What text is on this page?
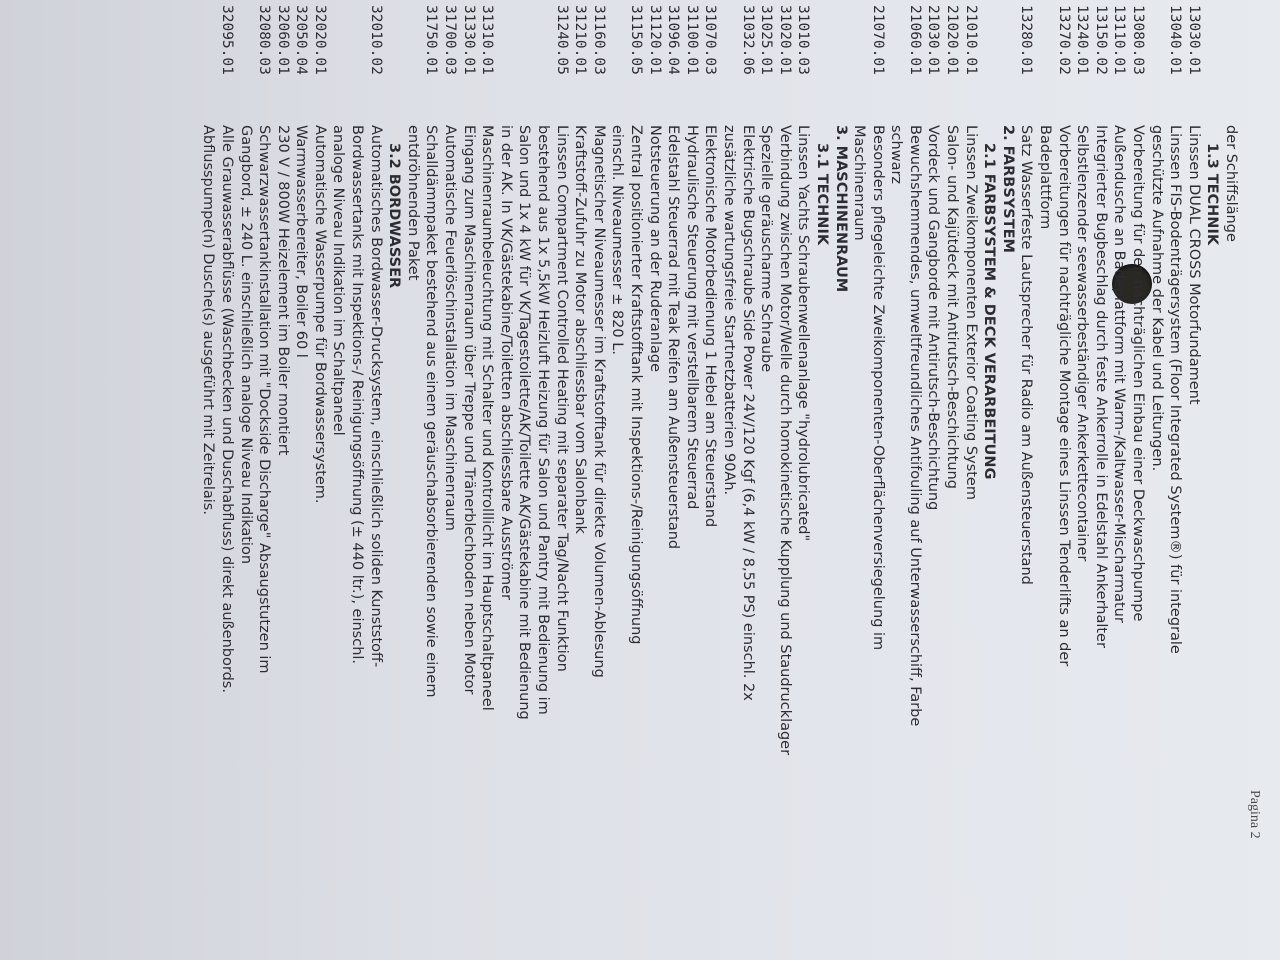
Pagina 2
der Schiffslänge
1.3 TECHNIK
13030.01
Linssen DUAL CROSS Motorfundament
13040.01
Linssen FIS-Bodenträgersystem (Floor Integrated System®) für integrale
geschützte Aufnahme der Kabel und Leitungen.
13080.03
Vorbereitung für den nachträglichen Einbau einer Deckwaschpumpe
13110.01
Außendusche an Badeplattform mit Warm-/Kaltwasser-Mischarmatur
13150.02
Integrierter Bugbeschlag durch feste Ankerrolle in Edelstahl Ankerhalter
13240.01
Selbstlenzender seewasserbeständiger Ankerkettecontainer
13270.02
Vorbereitungen für nachträgliche Montage eines Linssen Tenderlifts an der
Badeplattform
13280.01
Satz Wasserfeste Lautsprecher für Radio am Außensteuerstand
2. FARBSYSTEM
2.1 FARBSYSTEM & DECK VERARBEITUNG
21010.01
Linssen Zweikomponenten Exterior Coating System
21020.01
Salon- und Kajütdeck mit Antirutsch-Beschichtung
21030.01
Vordeck und Gangborde mit Antirutsch-Beschichtung
21060.01
Bewuchshemmendes, umweltfreundliches Antifouling auf Unterwasserschiff, Farbe
schwarz
21070.01
Besonders pflegeleichte Zweikomponenten-Oberflächenversiegelung im
Maschinenraum
3. MASCHINENRAUM
3.1 TECHNIK
31010.03
Linssen Yachts Schraubenwellenanlage "hydrolubricated"
31020.01
Verbindung zwischen Motor/Welle durch homokinetische Kupplung und Staudrucklager
31025.01
Spezielle geräuscharme Schraube
31032.06
Elektrische Bugschraube Side Power 24V/120 Kgf (6,4 kW / 8,55 PS) einschl. 2x
zusätzliche wartungsfreie Startnetzbatterien 90Ah.
31070.03
Elektronische Motorbedienung 1 Hebel am Steuerstand
31100.01
Hydraulische Steuerung mit verstellbarem Steuerrad
31096.04
Edelstahl Steuerrad mit Teak Reifen am Außensteuerstand
31120.01
Notsteuerung an der Ruderanlage
31150.05
Zentral positionierter Kraftstofftank mit Inspektions-/Reinigungsöffnung
einschl. Niveaumesser ± 820 L.
31160.03
Magnetischer Niveaumesser im Kraftstofftank für direkte Volumen-Ablesung
31210.01
Kraftstoff-Zufuhr zu Motor abschliessbar vom Salonbank
31240.05
Linssen Compartment Controlled Heating mit separater Tag/Nacht Funktion
bestehend aus 1x 5,5kW Heizluft Heizung für Salon und Pantry mit Bedienung im
Salon und 1x 4 kW für VK/Tagestoilette/AK/Toilette AK/Gästekabine mit Bedienung
in der AK. In VK/Gästekabine/Toiletten abschliessbare Ausströmer
31310.01
Maschinenraumbeleuchtung mit Schalter und Kontrolllicht im Hauptschaltpaneel
31330.01
Eingang zum Maschinenraum über Treppe und Tränerblechboden neben Motor
31700.03
Automatische Feuerlöschinstallation im Maschinenraum
31750.01
Schalldämmpaket bestehend aus einem geräuschabsorbierenden sowie einem
entdröhnenden Paket
3.2 BORDWASSER
32010.02
Automatisches Bordwasser-Drucksystem, einschließlich soliden Kunststoff-
Bordwassertanks mit Inspektions-/ Reinigungsöffnung (± 440 ltr.), einschl.
analoge Niveau Indikation im Schaltpaneel
32020.01
Automatische Wasserpumpe für Bordwassersystem.
32050.04
Warmwasserbereiter, Boiler 60 l
32060.01
230 V / 800W Heizelement im Boiler montiert
32080.03
Schwarzwassertankinstallation mit "Dockside Discharge" Absaugstutzen im
Gangbord, ± 240 L. einschließlich analoge Niveau Indikation
32095.01
Alle Grauwasserabflüsse (Waschbecken und Duschabfluss) direkt außenbords.
Abflusspumpe(n) Dusche(s) ausgeführt mit Zeitrelais.
